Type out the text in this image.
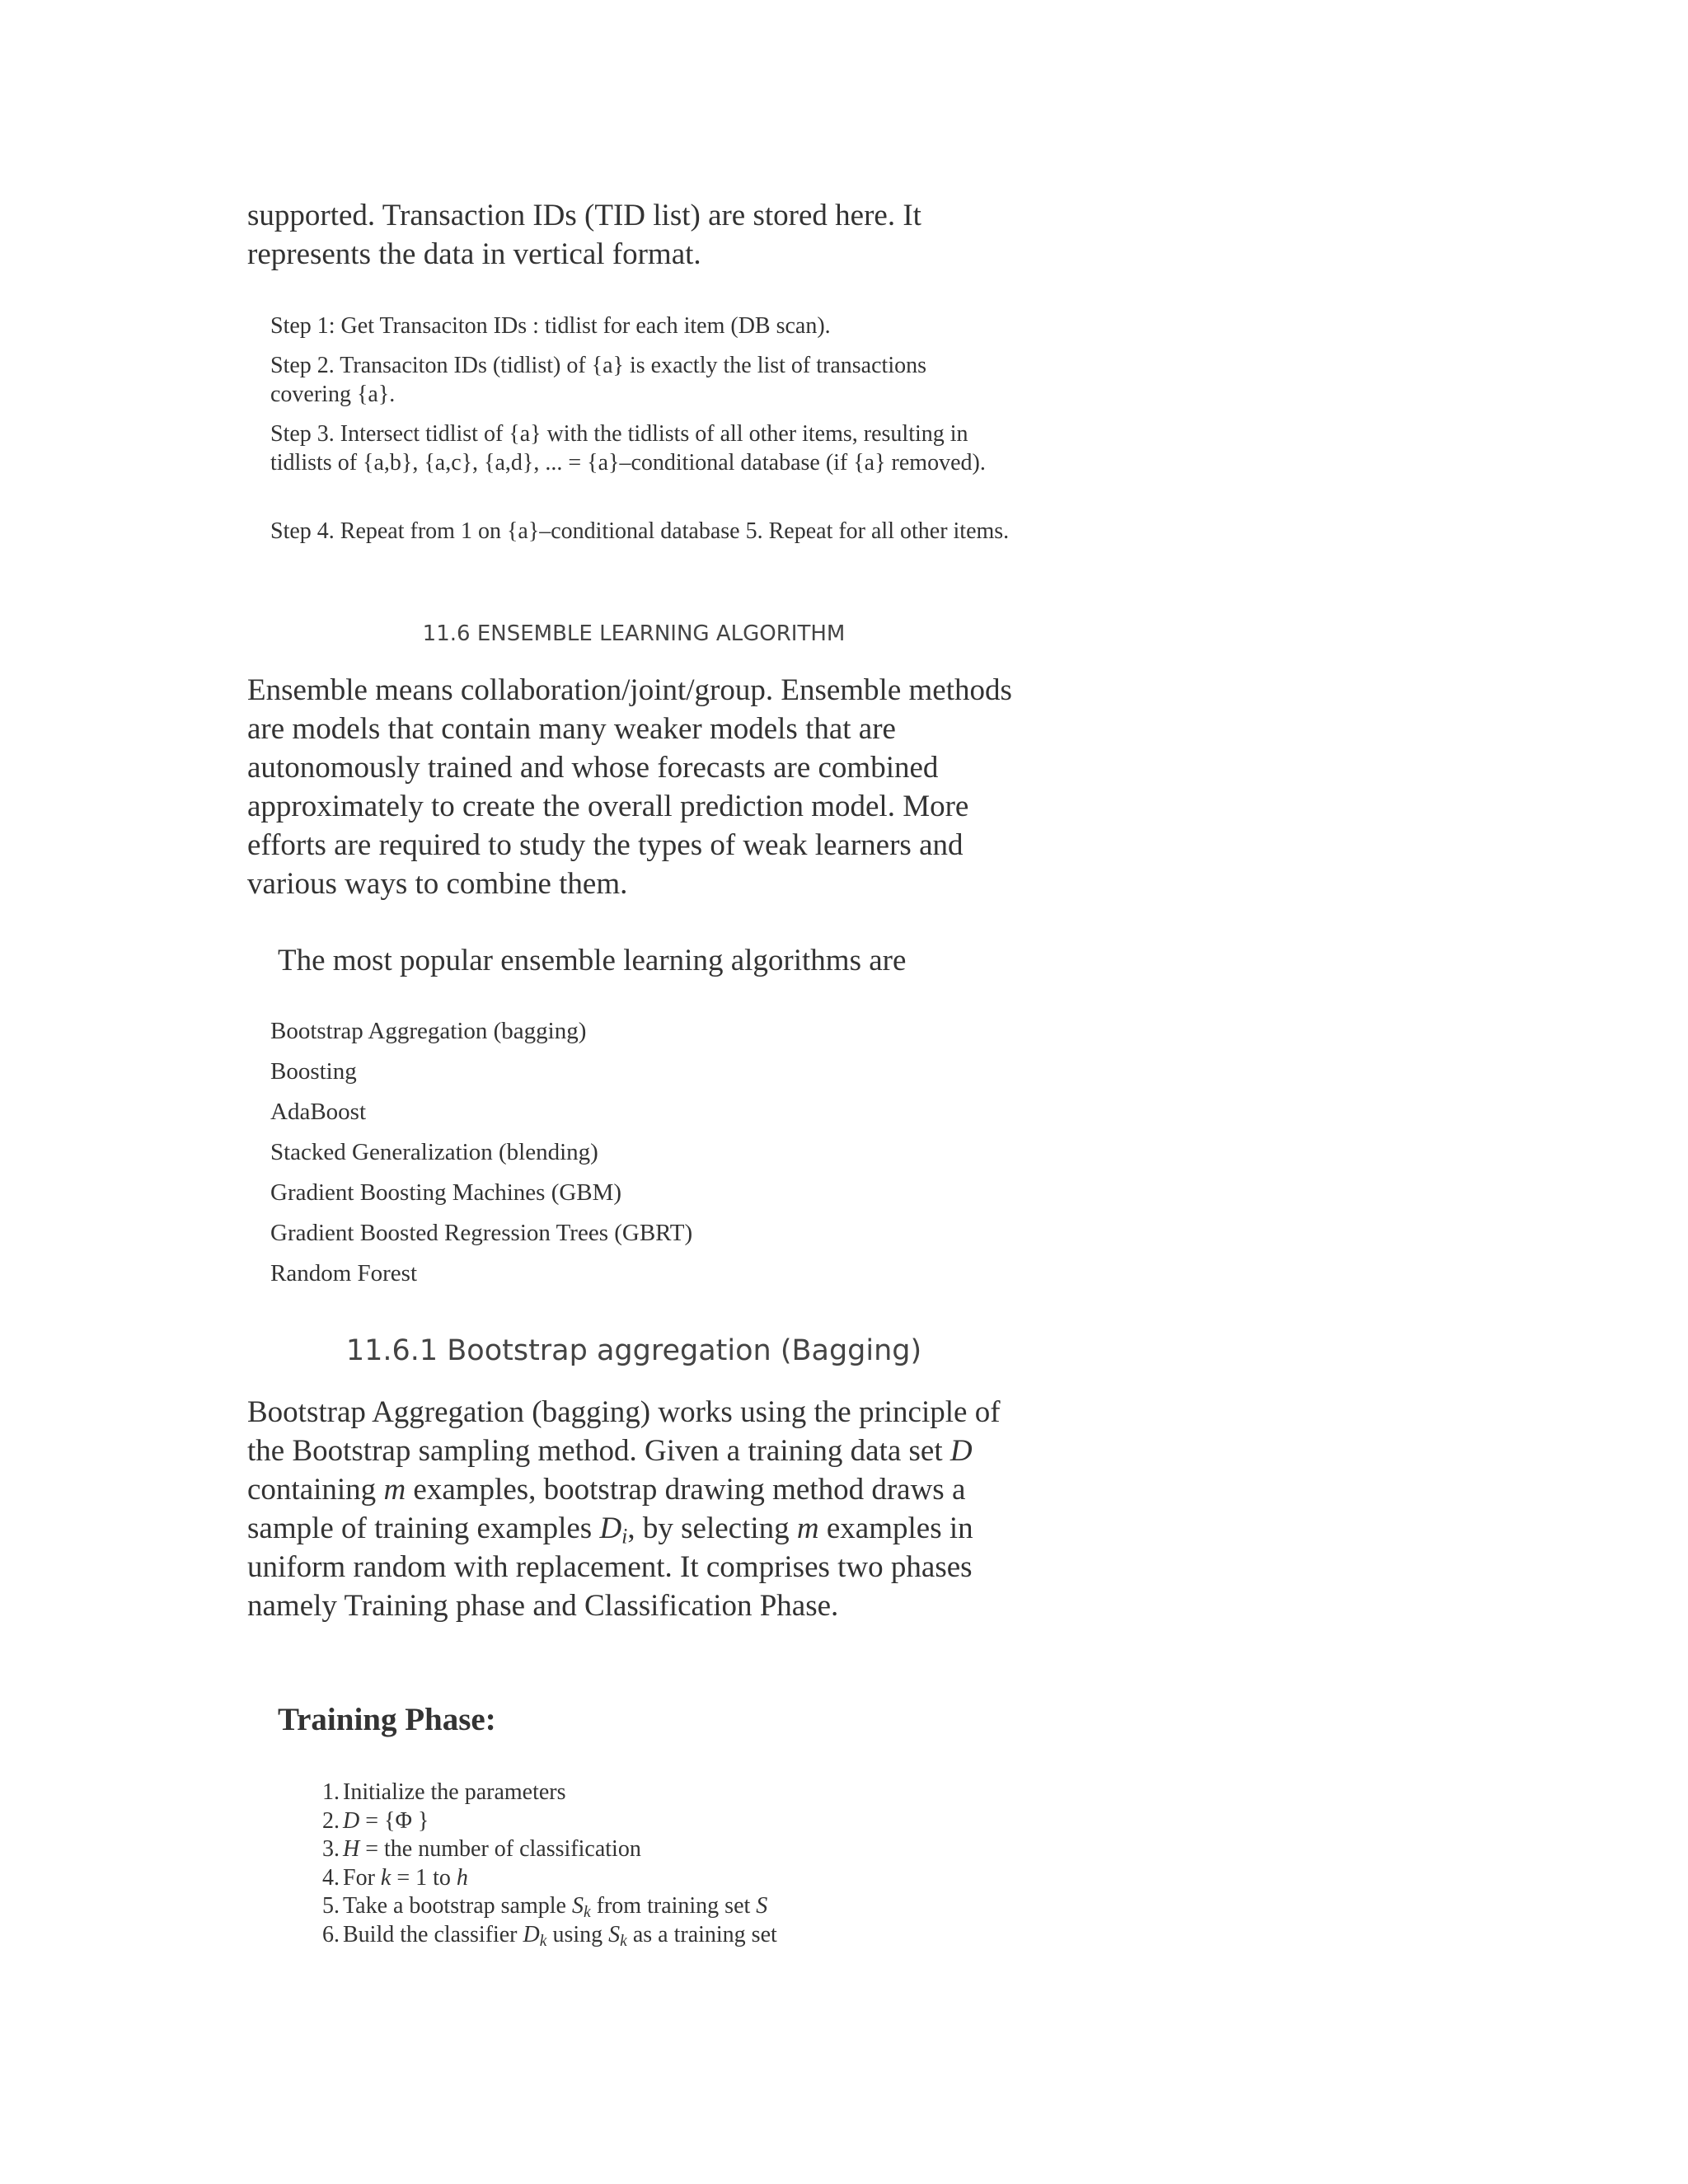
supported. Transaction IDs (TID list) are stored here. It

represents the data in vertical format.

Step 1: Get Transaciton IDs : tidlist for each item (DB scan).

Step 2. Transaciton IDs (tidlist) of {a} is exactly the list of transactions covering {a}.

Step 3. Intersect tidlist of {a} with the tidlists of all other items, resulting in tidlists of {a,b}, {a,c}, {a,d}, ... = {a}–conditional database (if {a} removed).

Step 4. Repeat from 1 on {a}–conditional database 5. Repeat for all other items.

11.6 ENSEMBLE LEARNING ALGORITHM

Ensemble means collaboration/joint/group. Ensemble methods are models that contain many weaker models that are autonomously trained and whose forecasts are combined approximately to create the overall prediction model. More efforts are required to study the types of weak learners and various ways to combine them.

The most popular ensemble learning algorithms are

Bootstrap Aggregation (bagging)
Boosting
AdaBoost
Stacked Generalization (blending)
Gradient Boosting Machines (GBM)
Gradient Boosted Regression Trees (GBRT)
Random Forest

11.6.1 Bootstrap aggregation (Bagging)

Bootstrap Aggregation (bagging) works using the principle of the Bootstrap sampling method. Given a training data set D containing m examples, bootstrap drawing method draws a sample of training examples $D_i$, by selecting m examples in uniform random with replacement. It comprises two phases namely Training phase and Classification Phase.

Training Phase:

1. Initialize the parameters
2. D = {Φ }
3. H = the number of classification
4. For k = 1 to h
5. Take a bootstrap sample $S_k$ from training set S
6. Build the classifier $D_k$ using $S_k$ as a training set
